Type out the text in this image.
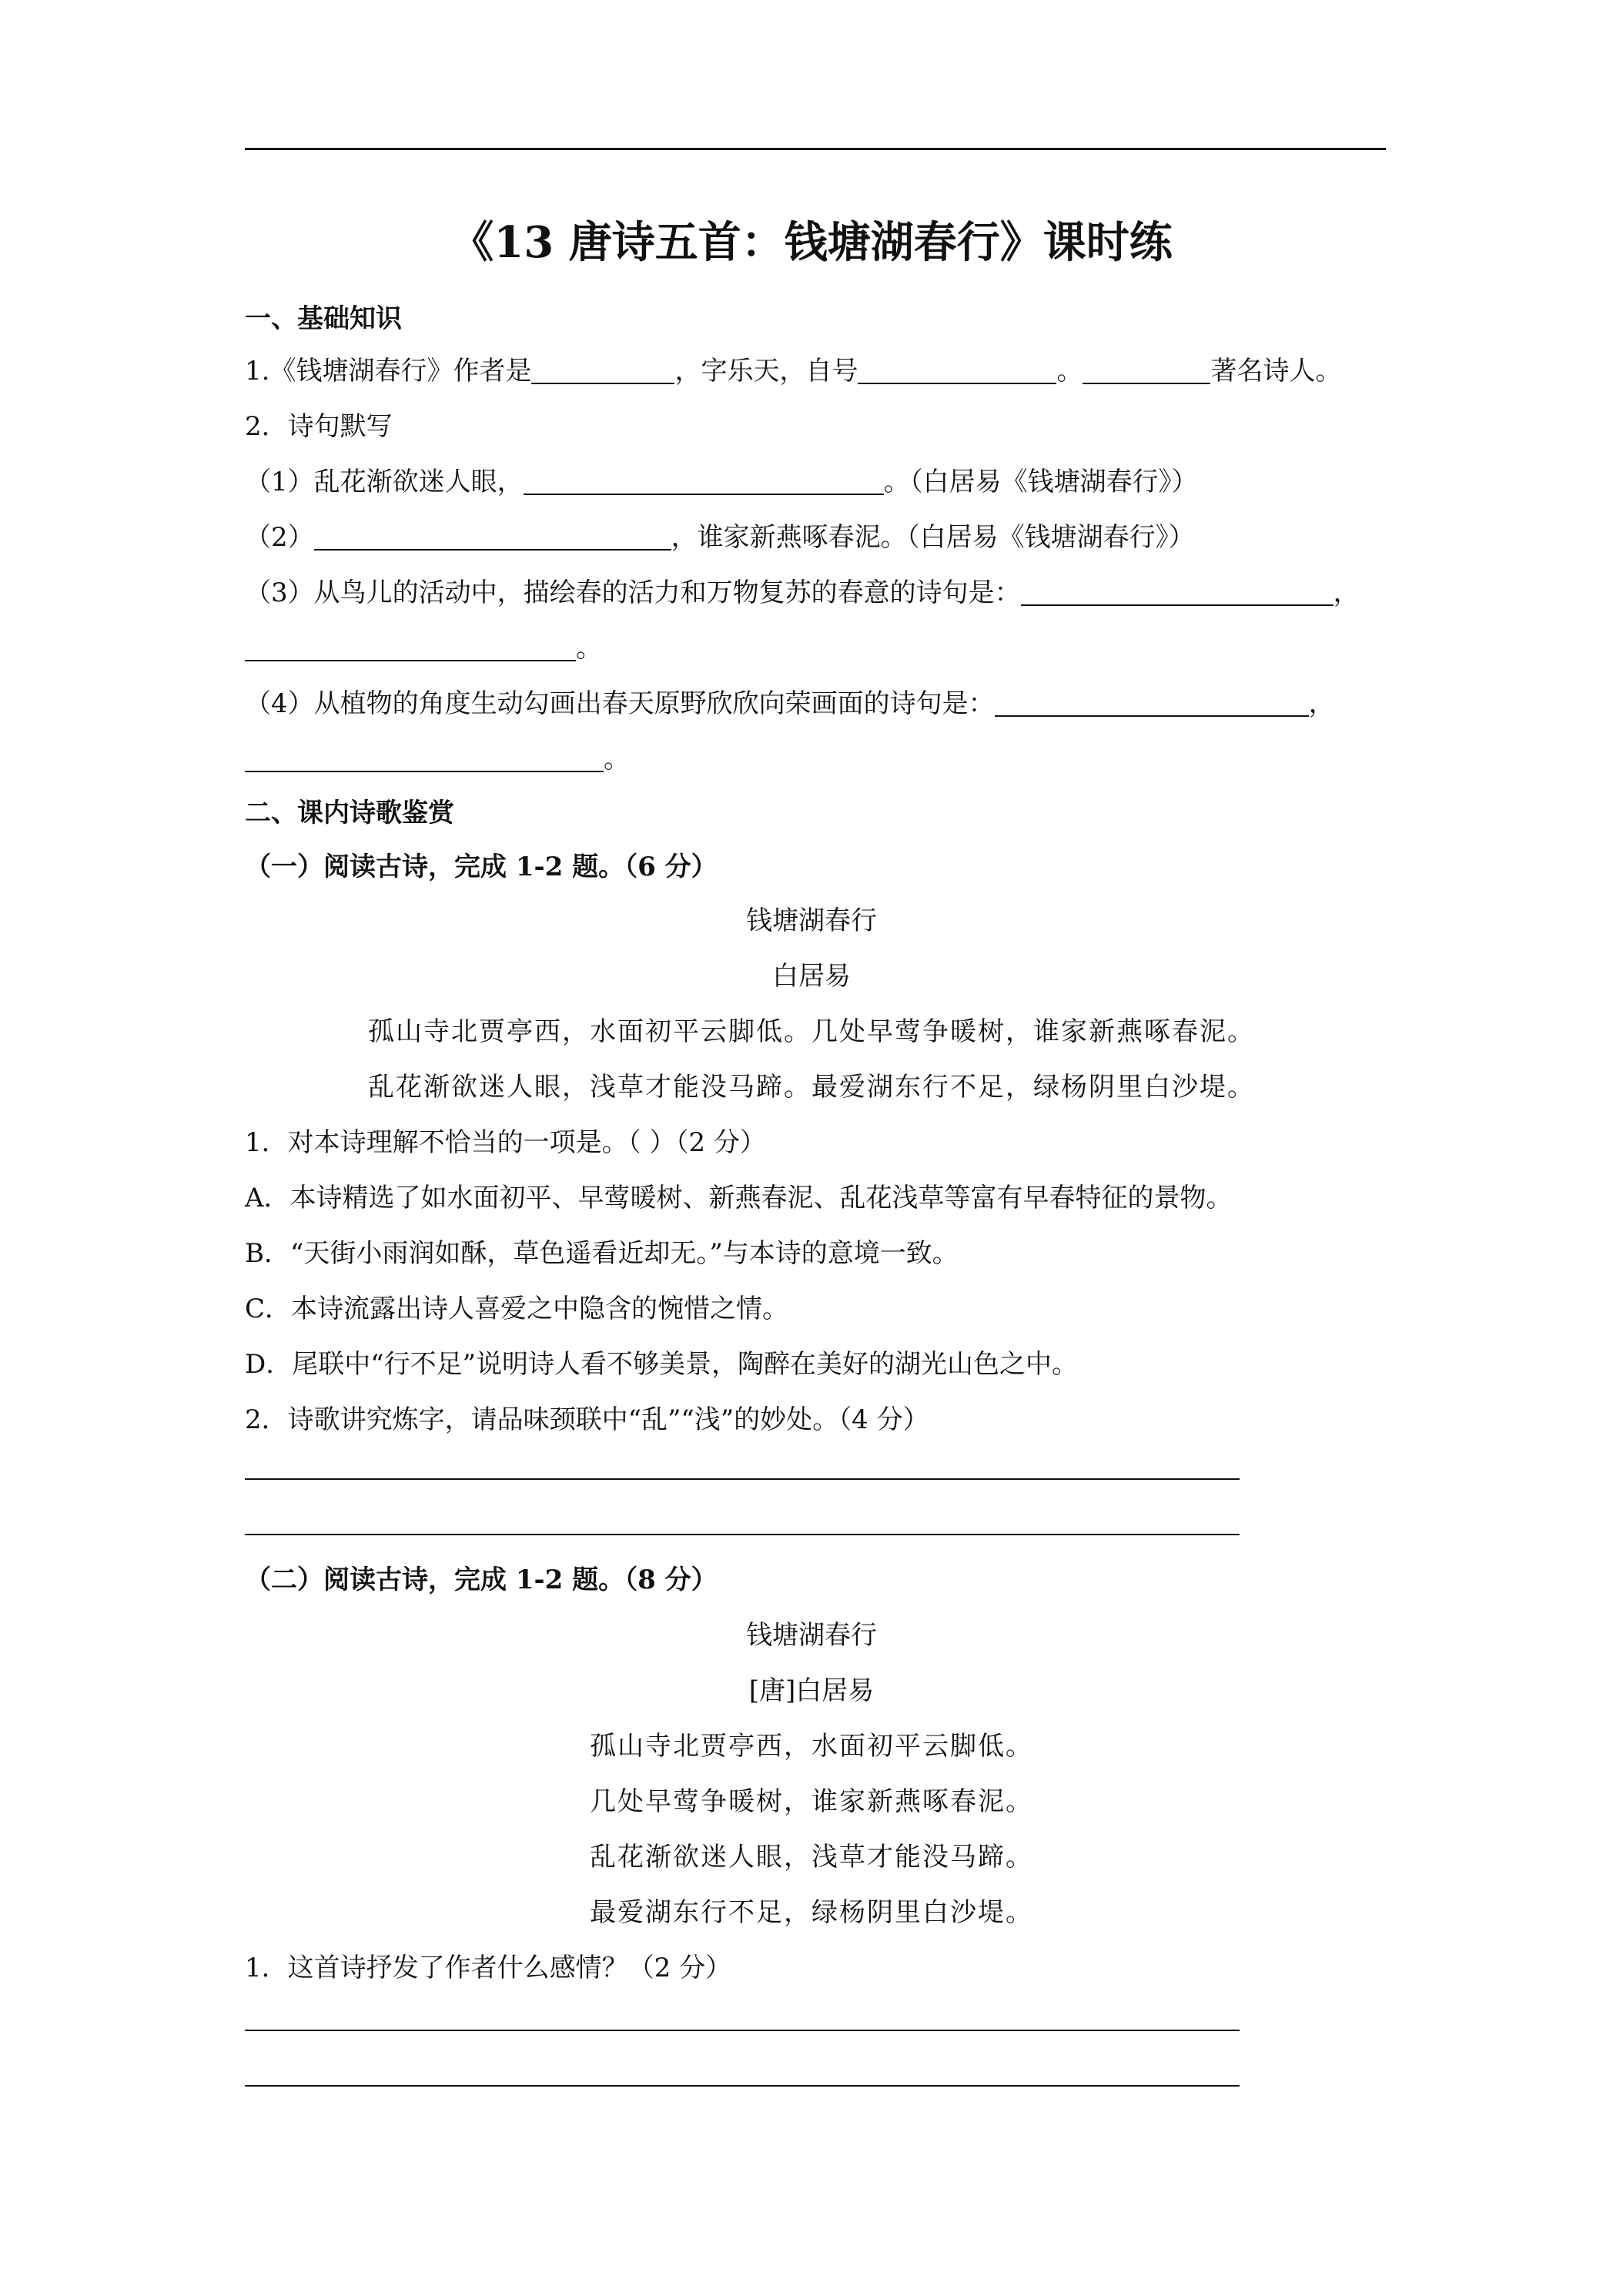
《13 唐诗五首：钱塘湖春行》课时练
一、基础知识
1.《钱塘湖春行》作者是	，字乐天，自号	。	著名诗人。
2．诗句默写
（1）乱花渐欲迷人眼，	。（白居易《钱塘湖春行》）
（2）	，谁家新燕啄春泥。（白居易《钱塘湖春行》）
（3）从鸟儿的活动中，描绘春的活力和万物复苏的春意的诗句是：	，
。
（4）从植物的角度生动勾画出春天原野欣欣向荣画面的诗句是：	，
。
二、课内诗歌鉴赏
（一）阅读古诗，完成 1-2 题。（6 分）
钱塘湖春行
白居易
孤山寺北贾亭西，水面初平云脚低。几处早莺争暖树，谁家新燕啄春泥。
乱花渐欲迷人眼，浅草才能没马蹄。最爱湖东行不足，绿杨阴里白沙堤。
1．对本诗理解不恰当的一项是。（ ）（2 分）
A．本诗精选了如水面初平、早莺暖树、新燕春泥、乱花浅草等富有早春特征的景物。
B．“天街小雨润如酥，草色遥看近却无。”与本诗的意境一致。
C．本诗流露出诗人喜爱之中隐含的惋惜之情。
D．尾联中“行不足”说明诗人看不够美景，陶醉在美好的湖光山色之中。
2．诗歌讲究炼字，请品味颈联中“乱”“浅”的妙处。（4 分）
（二）阅读古诗，完成 1-2 题。（8 分）
钱塘湖春行
[唐]白居易
孤山寺北贾亭西，水面初平云脚低。
几处早莺争暖树，谁家新燕啄春泥。
乱花渐欲迷人眼，浅草才能没马蹄。
最爱湖东行不足，绿杨阴里白沙堤。
1．这首诗抒发了作者什么感情？（2 分）
